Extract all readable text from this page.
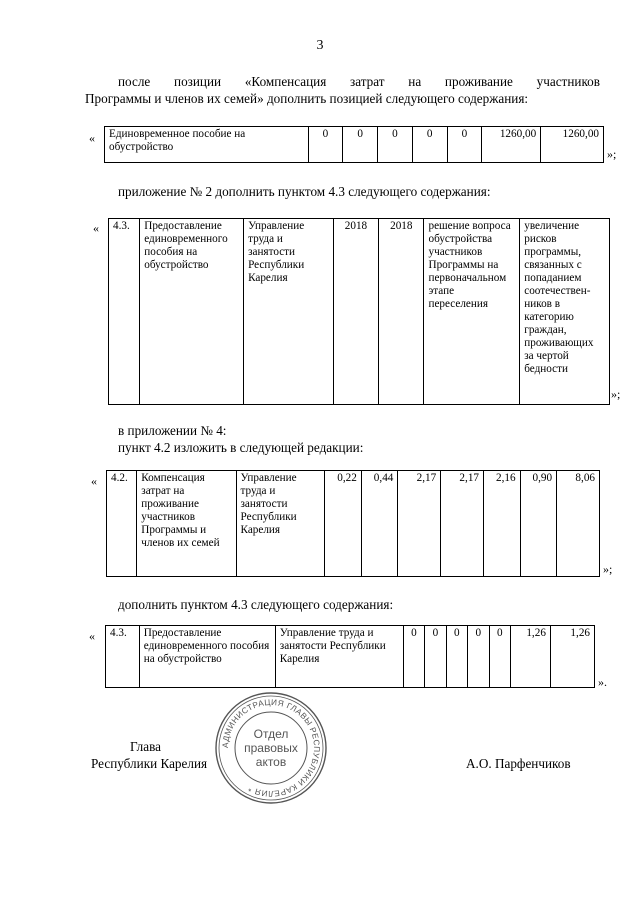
3
после позиции «Компенсация затрат на проживание участников
Программы и членов их семей» дополнить позицией следующего содержания:
« Единовременное пособие на обустройство	0	0	0	0	0	1260,00	1260,00
»;
приложение № 2 дополнить пунктом 4.3 следующего содержания:
« 4.3.	Предоставление единовременного пособия на обустройство	Управление труда и занятости Республики Карелия	2018	2018	решение вопроса обустройства участников Программы на первоначальном этапе переселения	увеличение рисков программы, связанных с попаданием соотечествен-ников в категорию граждан, проживающих за чертой бедности
»;
в приложении № 4:
пункт 4.2 изложить в следующей редакции:
« 4.2.	Компенсация затрат на проживание участников Программы и членов их семей	Управление труда и занятости Республики Карелия	0,22	0,44	2,17	2,17	2,16	0,90	8,06
»;
дополнить пунктом 4.3 следующего содержания:
« 4.3.	Предоставление единовременного пособия на обустройство	Управление труда и занятости Республики Карелия	0	0	0	0	0	1,26	1,26
».
Глава
Республики Карелия	А.О. Парфенчиков
АДМИНИСТРАЦИЯ ГЛАВЫ РЕСПУБЛИКИ КАРЕЛИЯ *
Отдел
правовых
актов
